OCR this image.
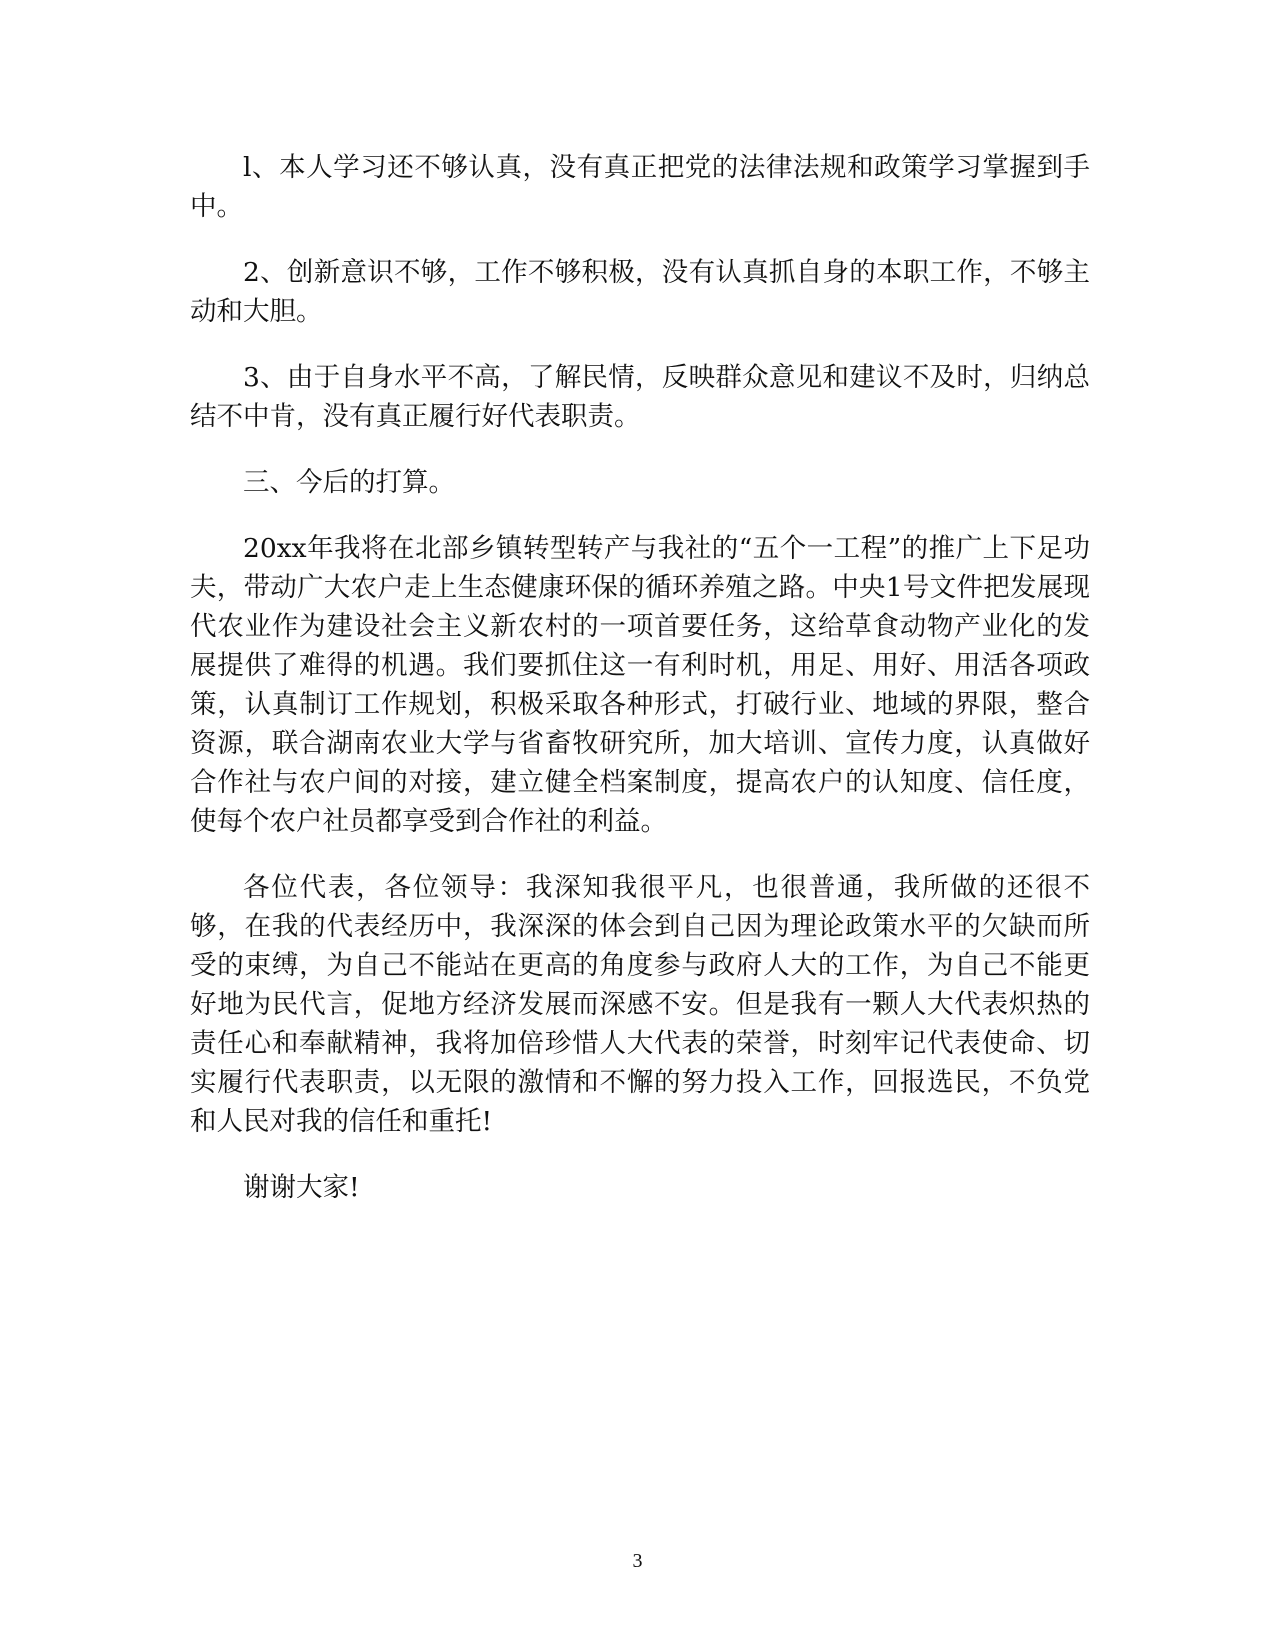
l、本人学习还不够认真，没有真正把党的法律法规和政策学习掌握到手中。

2、创新意识不够，工作不够积极，没有认真抓自身的本职工作，不够主动和大胆。

3、由于自身水平不高，了解民情，反映群众意见和建议不及时，归纳总结不中肯，没有真正履行好代表职责。

三、今后的打算。

20xx年我将在北部乡镇转型转产与我社的“五个一工程”的推广上下足功夫，带动广大农户走上生态健康环保的循环养殖之路。中央1号文件把发展现代农业作为建设社会主义新农村的一项首要任务，这给草食动物产业化的发展提供了难得的机遇。我们要抓住这一有利时机，用足、用好、用活各项政策，认真制订工作规划，积极采取各种形式，打破行业、地域的界限，整合资源，联合湖南农业大学与省畜牧研究所，加大培训、宣传力度，认真做好合作社与农户间的对接，建立健全档案制度，提高农户的认知度、信任度，使每个农户社员都享受到合作社的利益。

各位代表，各位领导：我深知我很平凡，也很普通，我所做的还很不够，在我的代表经历中，我深深的体会到自己因为理论政策水平的欠缺而所受的束缚，为自己不能站在更高的角度参与政府人大的工作，为自己不能更好地为民代言，促地方经济发展而深感不安。但是我有一颗人大代表炽热的责任心和奉献精神，我将加倍珍惜人大代表的荣誉，时刻牢记代表使命、切实履行代表职责，以无限的激情和不懈的努力投入工作，回报选民，不负党和人民对我的信任和重托!

谢谢大家!

3
